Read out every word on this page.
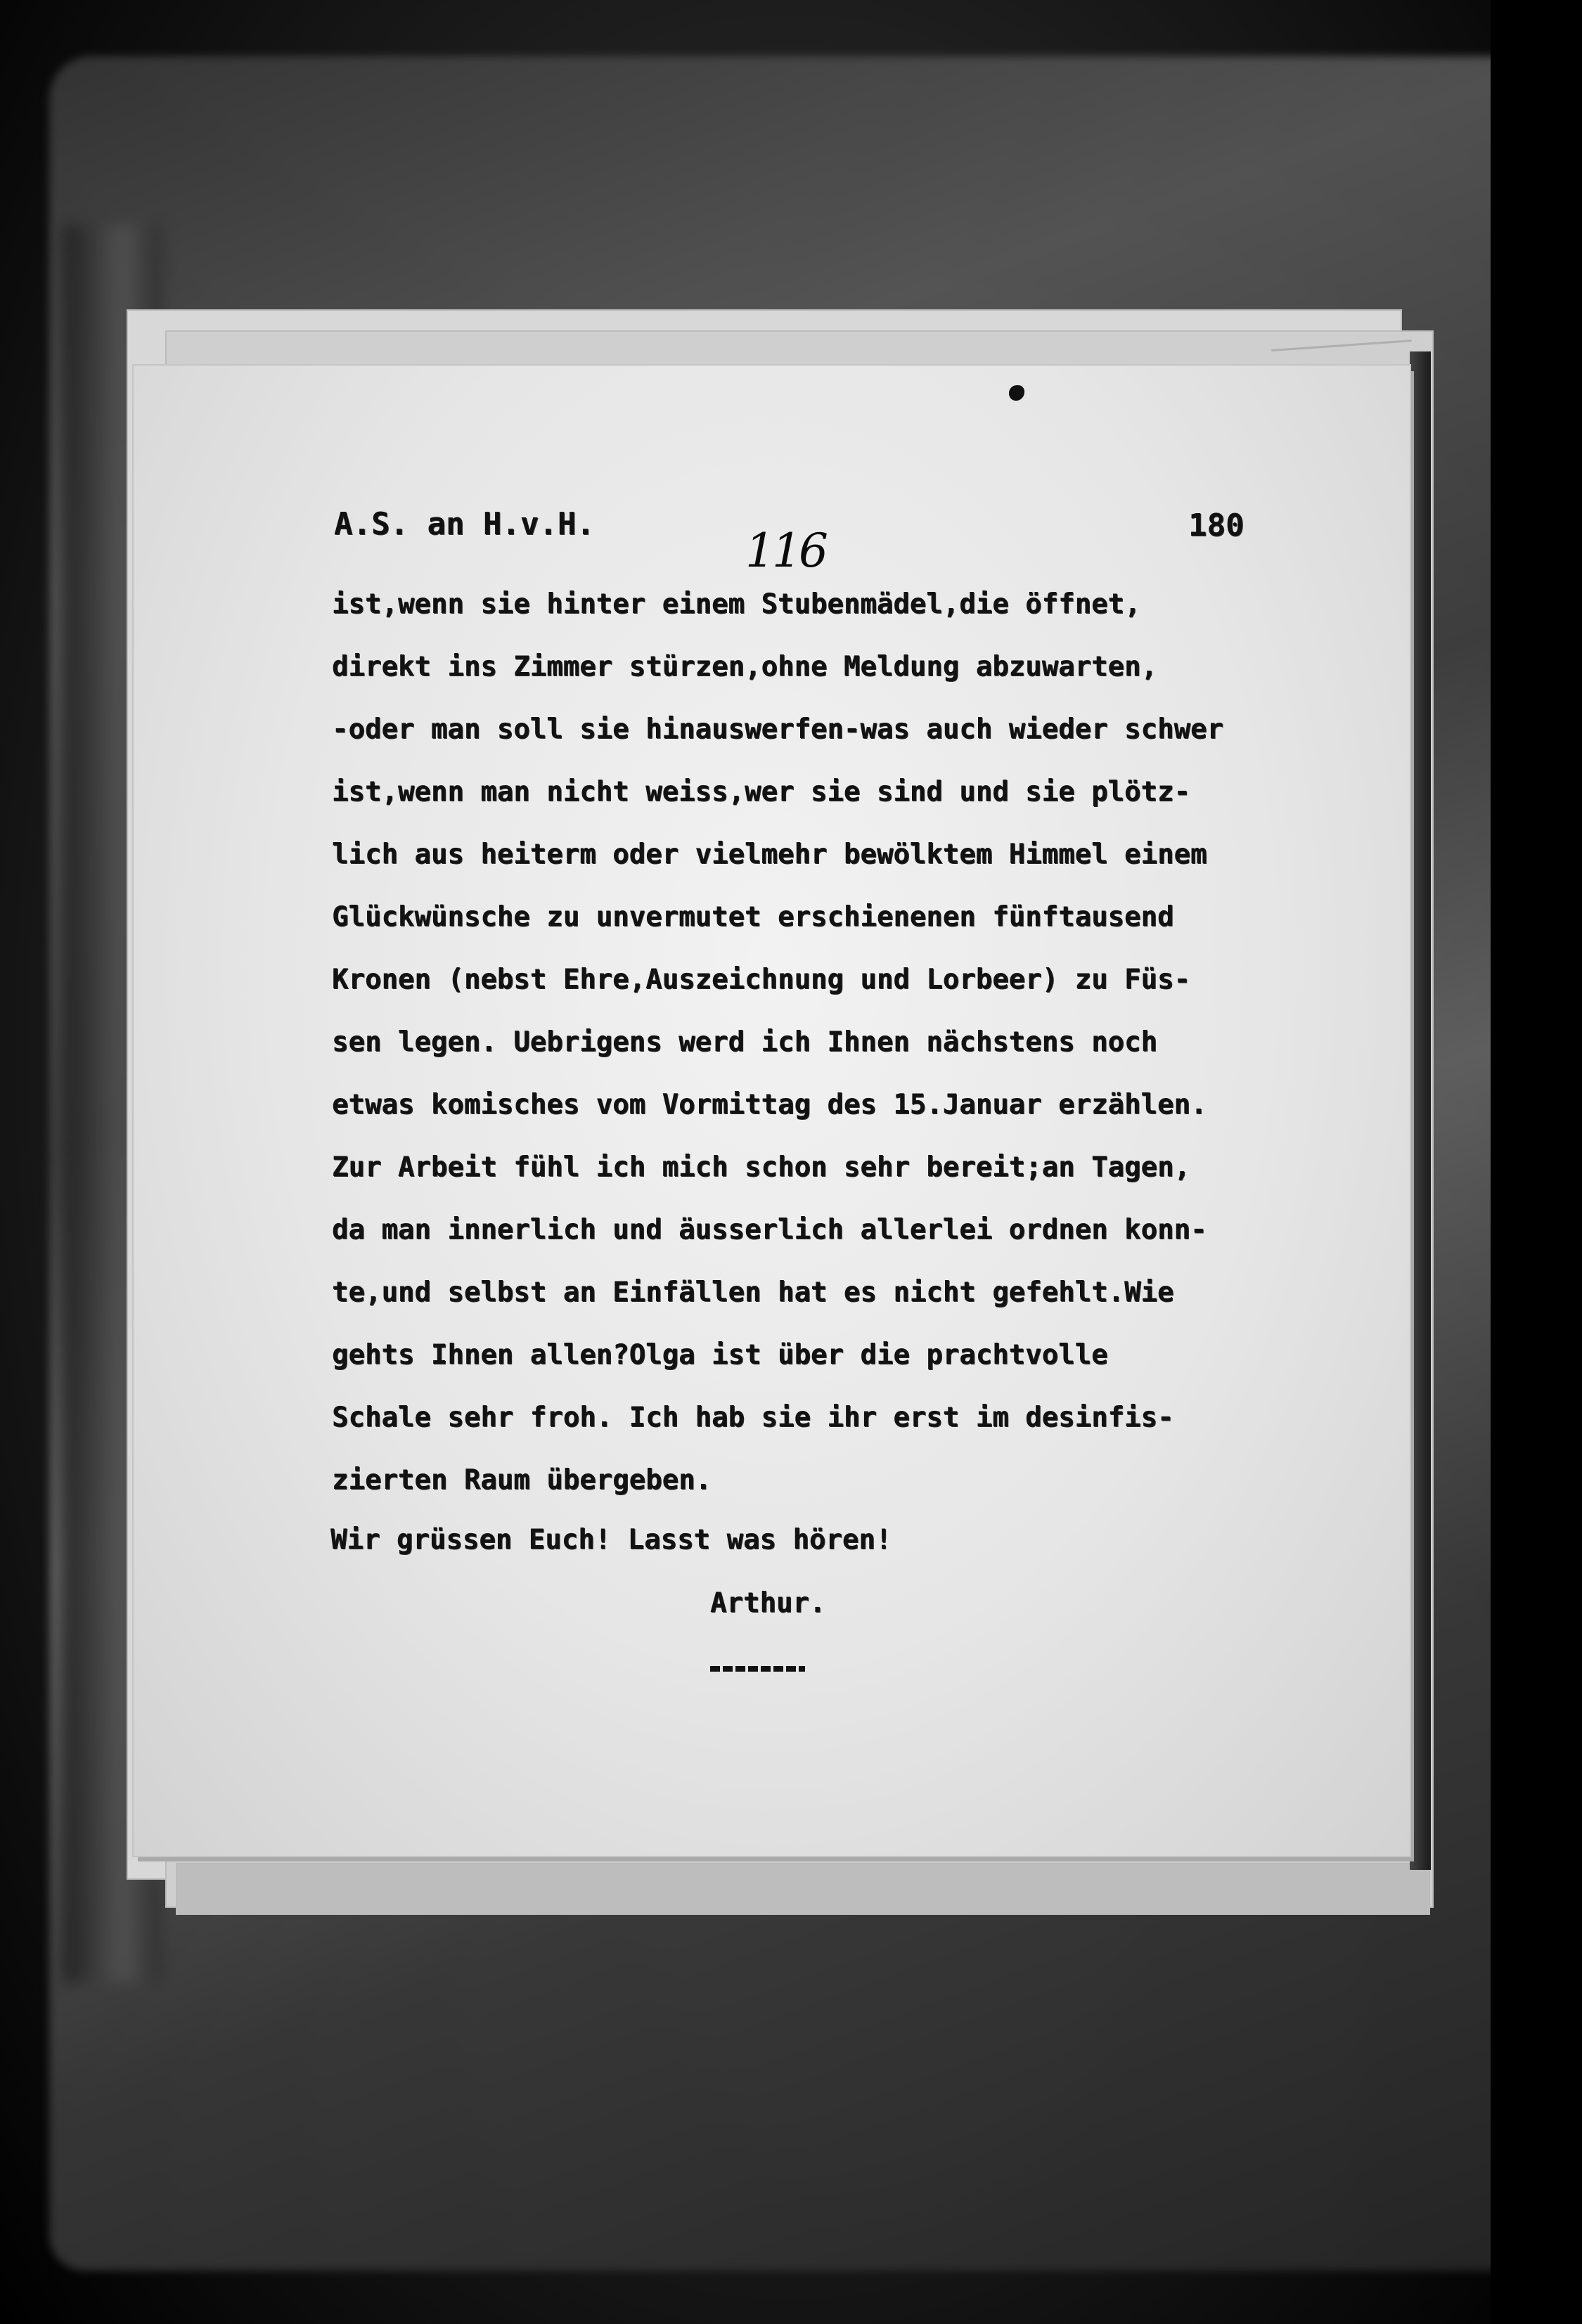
A.S. an H.v.H.	116	180
ist,wenn sie hinter einem Stubenmädel,die öffnet,
direkt ins Zimmer stürzen,ohne Meldung abzuwarten,
-oder man soll sie hinauswerfen-was auch wieder schwer
ist,wenn man nicht weiss,wer sie sind und sie plötz-
lich aus heiterm oder vielmehr bewölktem Himmel einem
Glückwünsche zu unvermutet erschienenen fünftausend
Kronen (nebst Ehre,Auszeichnung und Lorbeer) zu Füs-
sen legen. Uebrigens werd ich Ihnen nächstens noch
etwas komisches vom Vormittag des 15.Januar erzählen.
Zur Arbeit fühl ich mich schon sehr bereit;an Tagen,
da man innerlich und äusserlich allerlei ordnen konn-
te,und selbst an Einfällen hat es nicht gefehlt.Wie
gehts Ihnen allen?Olga ist über die prachtvolle
Schale sehr froh. Ich hab sie ihr erst im desinfis-
zierten Raum übergeben.
Wir grüssen Euch! Lasst was hören!
Arthur.
